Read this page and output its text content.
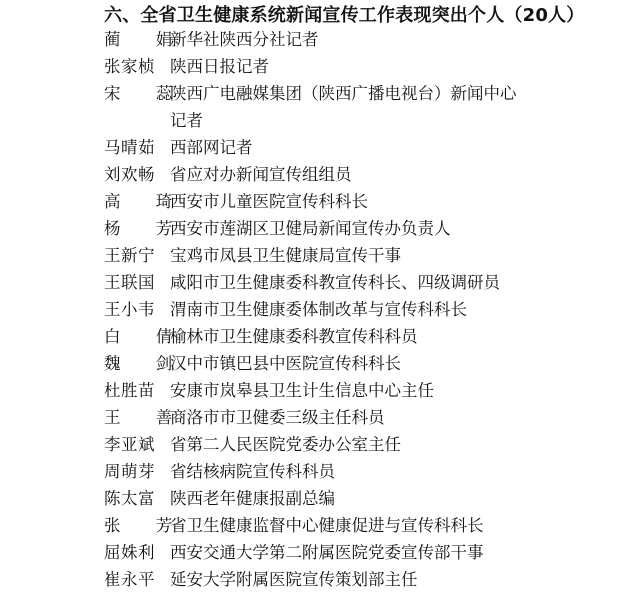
六、全省卫生健康系统新闻宣传工作表现突出个人（20人）
蔺 娟
新华社陕西分社记者
张家桢 陕西日报记者
宋 蕊
陕西广电融媒集团（陕西广播电视台）新闻中心记者
马晴茹 西部网记者
刘欢畅 省应对办新闻宣传组组员
高 琦
西安市儿童医院宣传科科长
杨 芳
西安市莲湖区卫健局新闻宣传办负责人
王新宁 宝鸡市凤县卫生健康局宣传干事
王联国 咸阳市卫生健康委科教宣传科长、四级调研员
王小韦 渭南市卫生健康委体制改革与宣传科科长
白 倩
榆林市卫生健康委科教宣传科科员
魏 剑
汉中市镇巴县中医院宣传科科长
杜胜苗 安康市岚皋县卫生计生信息中心主任
王 善
商洛市市卫健委三级主任科员
李亚斌 省第二人民医院党委办公室主任
周萌芽 省结核病院宣传科科员
陈太富 陕西老年健康报副总编
张 芳
省卫生健康监督中心健康促进与宣传科科长
屈姝利 西安交通大学第二附属医院党委宣传部干事
崔永平 延安大学附属医院宣传策划部主任
